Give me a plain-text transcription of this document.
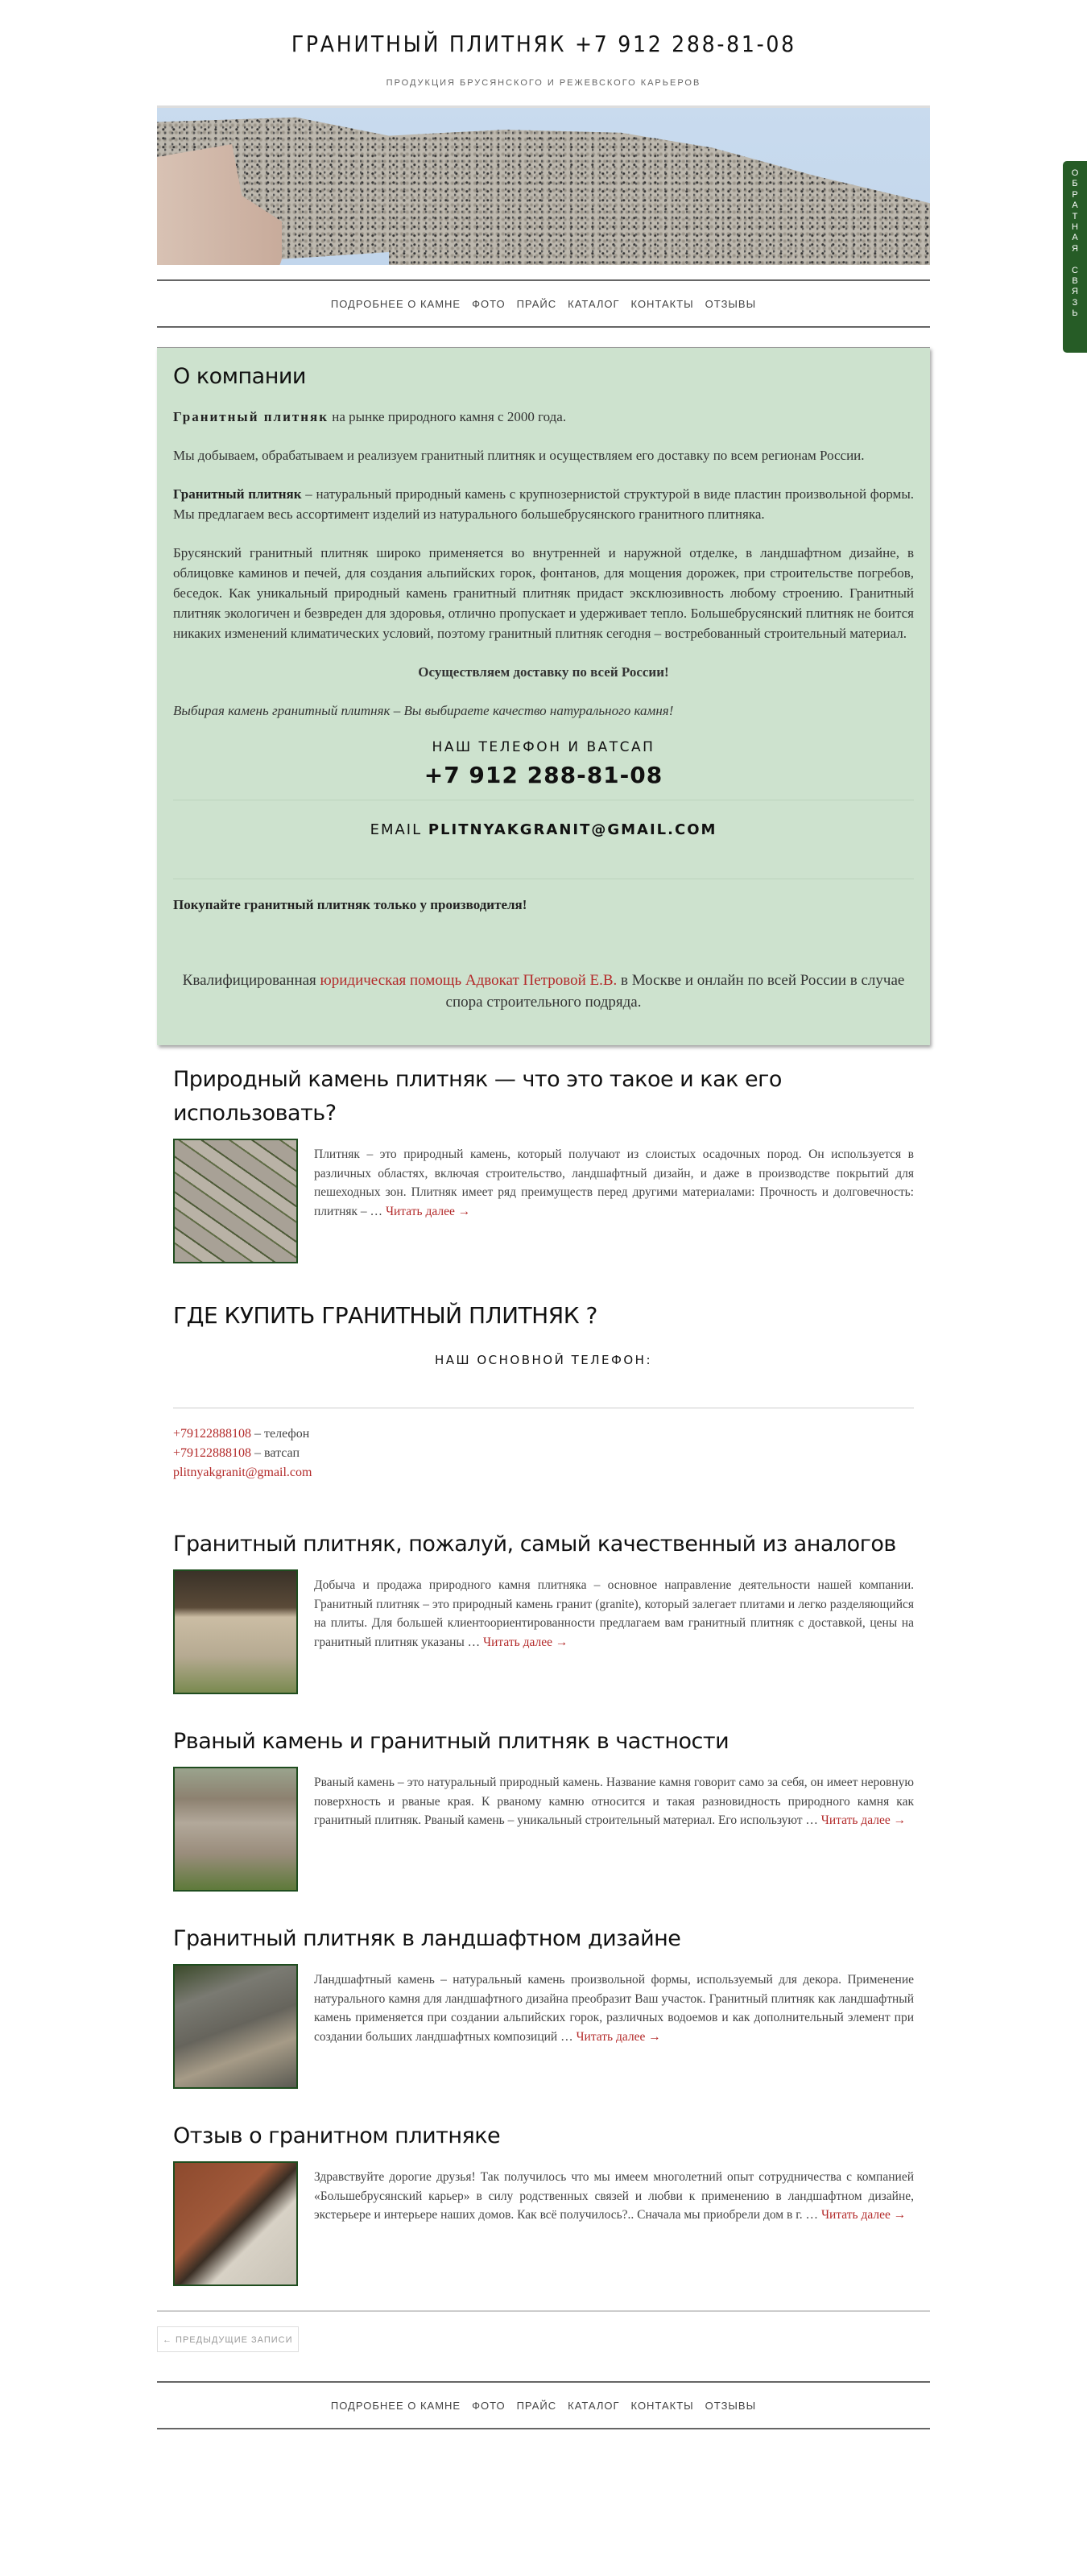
О
Б
Р
А
Т
Н
А
Я

С
В
Я
З
Ь
ГРАНИТНЫЙ ПЛИТНЯК +7 912 288-81-08
ПРОДУКЦИЯ БРУСЯНСКОГО И РЕЖЕВСКОГО КАРЬЕРОВ
ПОДРОБНЕЕ О КАМНЕ ФОТО ПРАЙС КАТАЛОГ КОНТАКТЫ ОТЗЫВЫ
О компании

Гранитный плитняк на рынке природного камня с 2000 года.

Мы добываем, обрабатываем и реализуем гранитный плитняк и осуществляем его доставку по всем регионам России.

Гранитный плитняк – натуральный природный камень с крупнозернистой структурой в виде пластин произвольной формы. Мы предлагаем весь ассортимент изделий из натурального большебрусянского гранитного плитняка.

Брусянский гранитный плитняк широко применяется во внутренней и наружной отделке, в ландшафтном дизайне, в облицовке каминов и печей, для создания альпийских горок, фонтанов, для мощения дорожек, при строительстве погребов, беседок. Как уникальный природный камень гранитный плитняк придаст эксклюзивность любому строению. Гранитный плитняк экологичен и безвреден для здоровья, отлично пропускает и удерживает тепло. Большебрусянский плитняк не боится никаких изменений климатических условий, поэтому гранитный плитняк сегодня – востребованный строительный материал.

Осуществляем доставку по всей России!

Выбирая камень гранитный плитняк – Вы выбираете качество натурального камня!

НАШ ТЕЛЕФОН И ВАТСАП
+7 912 288-81-08
EMAIL PLITNYAKGRANIT@GMAIL.COM
Покупайте гранитный плитняк только у производителя!
Квалифицированная юридическая помощь Адвокат Петровой Е.В. в Москве и онлайн по всей России в случае спора строительного подряда.
Природный камень плитняк — что это такое и как его использовать?

Плитняк – это природный камень, который получают из слоистых осадочных пород. Он используется в различных областях, включая строительство, ландшафтный дизайн, и даже в производстве покрытий для пешеходных зон. Плитняк имеет ряд преимуществ перед другими материалами: Прочность и долговечность: плитняк – … Читать далее →

ГДЕ КУПИТЬ ГРАНИТНЫЙ ПЛИТНЯК ?
НАШ ОСНОВНОЙ ТЕЛЕФОН:
+79122888108 – телефон
+79122888108 – ватсап
plitnyakgranit@gmail.com
Гранитный плитняк, пожалуй, самый качественный из аналогов

Добыча и продажа природного камня плитняка – основное направление деятельности нашей компании. Гранитный плитняк – это природный камень гранит (granite), который залегает плитами и легко разделяющийся на плиты. Для большей клиентоориентированности предлагаем вам гранитный плитняк с доставкой, цены на гранитный плитняк указаны … Читать далее →

Рваный камень и гранитный плитняк в частности

Рваный камень – это натуральный природный камень. Название камня говорит само за себя, он имеет неровную поверхность и рваные края. К рваному камню относится и такая разновидность природного камня как гранитный плитняк. Рваный камень – уникальный строительный материал. Его используют … Читать далее →

Гранитный плитняк в ландшафтном дизайне

Ландшафтный камень – натуральный камень произвольной формы, используемый для декора. Применение натурального камня для ландшафтного дизайна преобразит Ваш участок. Гранитный плитняк как ландшафтный камень применяется при создании альпийских горок, различных водоемов и как дополнительный элемент при создании больших ландшафтных композиций … Читать далее →

Отзыв о гранитном плитняке

Здравствуйте дорогие друзья! Так получилось что мы имеем многолетний опыт сотрудничества с компанией «Большебрусянский карьер» в силу родственных связей и любви к применению в ландшафтном дизайне, экстерьере и интерьере наших домов. Как всё получилось?.. Сначала мы приобрели дом в г. … Читать далее →

← ПРЕДЫДУЩИЕ ЗАПИСИ
ПОДРОБНЕЕ О КАМНЕ ФОТО ПРАЙС КАТАЛОГ КОНТАКТЫ ОТЗЫВЫ
